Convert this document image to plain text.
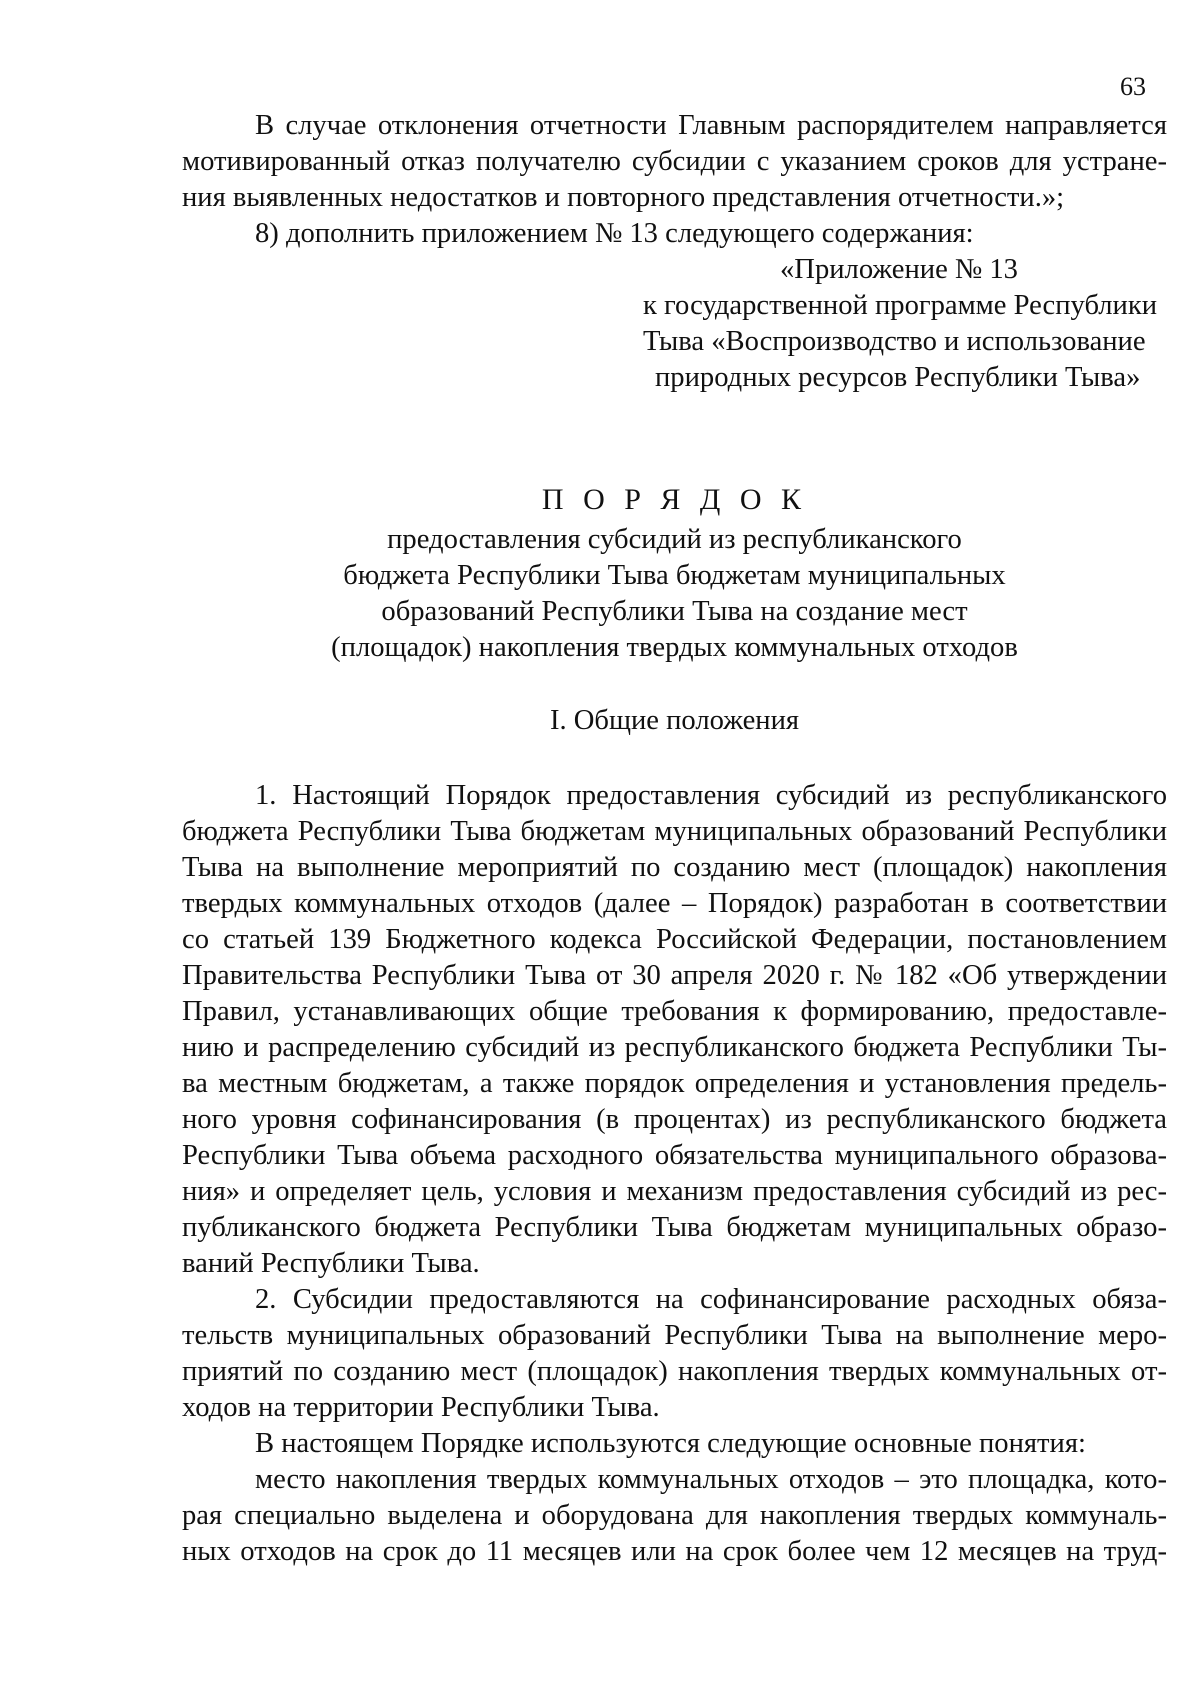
63
В случае отклонения отчетности Главным распорядителем направляется
мотивированный отказ получателю субсидии с указанием сроков для устране-
ния выявленных недостатков и повторного представления отчетности.»;
8) дополнить приложением № 13 следующего содержания:
«Приложение № 13
к государственной программе Республики
Тыва «Воспроизводство и использование
природных ресурсов Республики Тыва»
П О Р Я Д О К
предоставления субсидий из республиканского
бюджета Республики Тыва бюджетам муниципальных
образований Республики Тыва на создание мест
(площадок) накопления твердых коммунальных отходов
I. Общие положения
1. Настоящий Порядок предоставления субсидий из республиканского
бюджета Республики Тыва бюджетам муниципальных образований Республики
Тыва на выполнение мероприятий по созданию мест (площадок) накопления
твердых коммунальных отходов (далее – Порядок) разработан в соответствии
со статьей 139 Бюджетного кодекса Российской Федерации, постановлением
Правительства Республики Тыва от 30 апреля 2020 г. № 182 «Об утверждении
Правил, устанавливающих общие требования к формированию, предоставле-
нию и распределению субсидий из республиканского бюджета Республики Ты-
ва местным бюджетам, а также порядок определения и установления предель-
ного уровня софинансирования (в процентах) из республиканского бюджета
Республики Тыва объема расходного обязательства муниципального образова-
ния» и определяет цель, условия и механизм предоставления субсидий из рес-
публиканского бюджета Республики Тыва бюджетам муниципальных образо-
ваний Республики Тыва.
2. Субсидии предоставляются на софинансирование расходных обяза-
тельств муниципальных образований Республики Тыва на выполнение меро-
приятий по созданию мест (площадок) накопления твердых коммунальных от-
ходов на территории Республики Тыва.
В настоящем Порядке используются следующие основные понятия:
место накопления твердых коммунальных отходов – это площадка, кото-
рая специально выделена и оборудована для накопления твердых коммуналь-
ных отходов на срок до 11 месяцев или на срок более чем 12 месяцев на труд-
